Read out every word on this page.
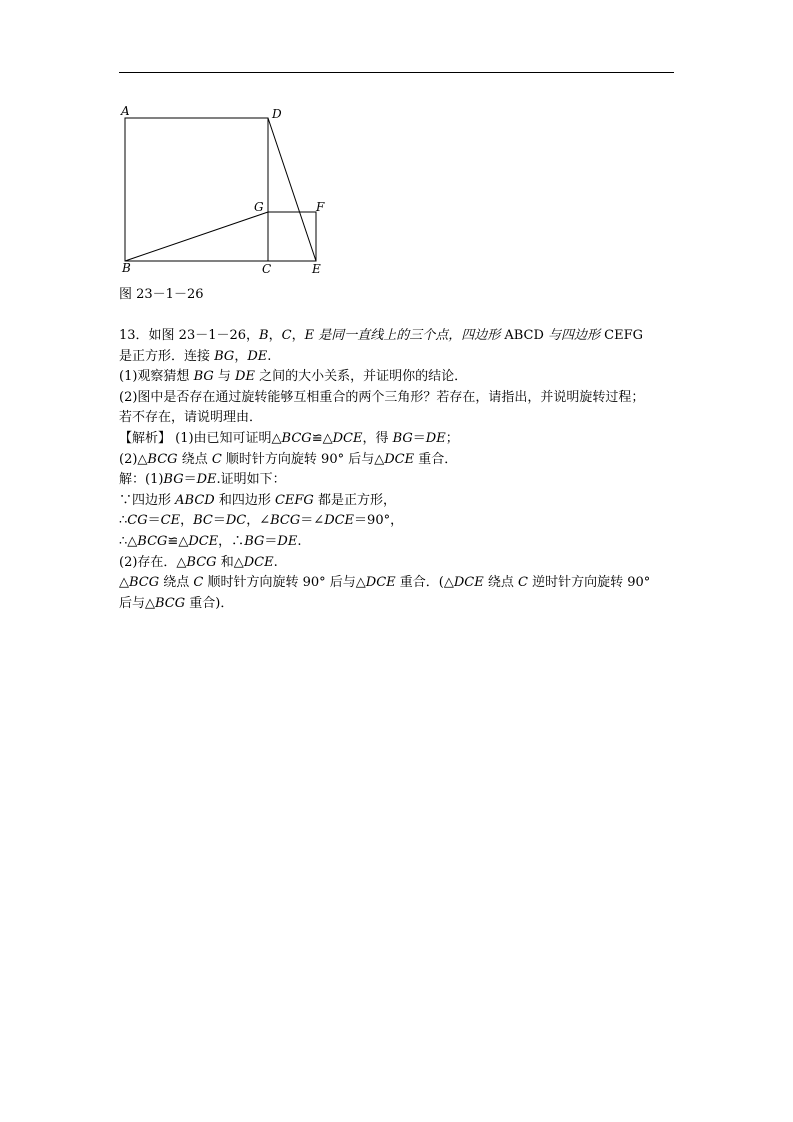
A	D
G	F
B	C	E
图 23－1－26
13．如图 23－1－26，B，C，E 是同一直线上的三个点，四边形 ABCD 与四边形 CEFG
是正方形．连接 BG，DE.
(1)观察猜想 BG 与 DE 之间的大小关系，并证明你的结论．
(2)图中是否存在通过旋转能够互相重合的两个三角形？若存在，请指出，并说明旋转过程；
若不存在，请说明理由．
【解析】 (1)由已知可证明△BCG≌△DCE，得 BG＝DE；
(2)△BCG 绕点 C 顺时针方向旋转 90° 后与△DCE 重合．
解：(1)BG＝DE.证明如下：
∵四边形 ABCD 和四边形 CEFG 都是正方形，
∴CG＝CE，BC＝DC，∠BCG＝∠DCE＝90°，
∴△BCG≌△DCE，∴BG＝DE.
(2)存在．△BCG 和△DCE.
△BCG 绕点 C 顺时针方向旋转 90° 后与△DCE 重合．(△DCE 绕点 C 逆时针方向旋转 90°
后与△BCG 重合)．
